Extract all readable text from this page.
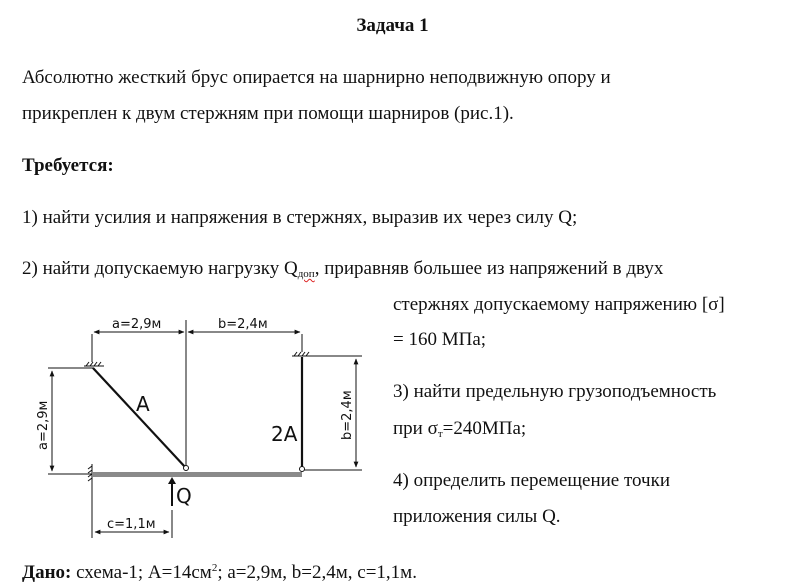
Задача 1
Абсолютно жесткий брус опирается на шарнирно неподвижную опору и
прикреплен к двум стержням при помощи шарниров (рис.1).
Требуется:
1) найти усилия и напряжения в стержнях, выразив их через силу Q;
2) найти допускаемую нагрузку $Q_{доп}$, приравняв большее из напряжений в двух
стержнях допускаемому напряжению [σ]
= 160 МПа;
3) найти предельную грузоподъемность
при $\sigma_т=240МПа$;
4) определить перемещение точки
приложения силы Q.
Дано: схема-1; $А=14см^2$; а=2,9м, b=2,4м, с=1,1м.
a=2,9м	b=2,4м
a=2,9м	b=2,4м
c=1,1м
A
2A
Q
